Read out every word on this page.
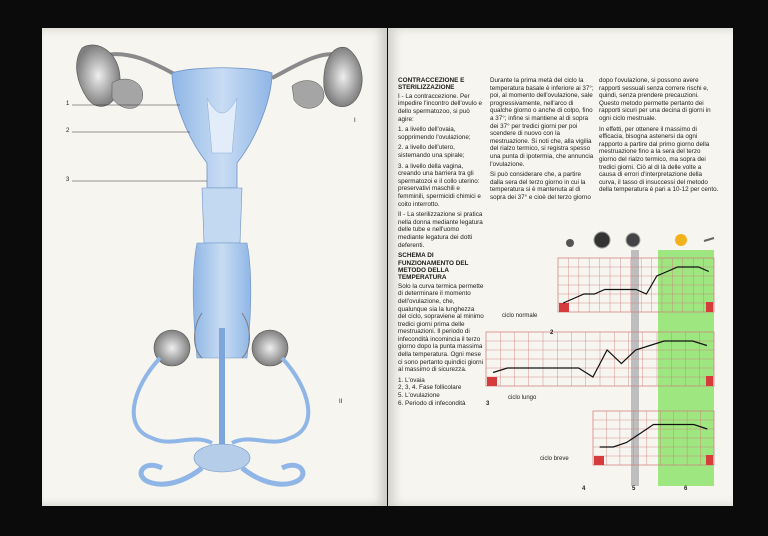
1
2
3
I
II
CONTRACCEZIONE E STERILIZZAZIONE

I - La contraccezione. Per impedire l'incontro dell'ovulo e dello spermatozoo, si può agire:

1. a livello dell'ovaia, sopprimendo l'ovulazione;

2. a livello dell'utero, sistemando una spirale;

3. a livello della vagina, creando una barriera tra gli spermatozoi e il collo uterino: preservativi maschili e femminili, spermicidi chimici e coito interrotto.

II - La sterilizzazione si pratica nella donna mediante legatura delle tube e nell'uomo mediante legatura dei dotti deferenti.

SCHEMA DI FUNZIONAMENTO DEL METODO DELLA TEMPERATURA

Solo la curva termica permette di determinare il momento dell'ovulazione, che, qualunque sia la lunghezza del ciclo, sopraviene al minimo tredici giorni prima delle mestruazioni. Il periodo di infecondità incomincia il terzo giorno dopo la punta massima della temperatura. Ogni mese ci sono pertanto quindici giorni al massimo di sicurezza.

1. L'ovaia

2, 3, 4. Fase follicolare

5. L'ovulazione

6. Periodo di infecondità

Durante la prima metà del ciclo la temperatura basale è inferiore ai 37°; poi, al momento dell'ovulazione, sale progressivamente, nell'arco di qualche giorno o anche di colpo, fino a 37°; infine si mantiene al di sopra dei 37° per tredici giorni per poi scendere di nuovo con la mestruazione. Si noti che, alla vigilia del rialzo termico, si registra spesso una punta di ipotermia, che annuncia l'ovulazione.

Si può considerare che, a partire dalla sera del terzo giorno in cui la temperatura si è mantenuta al di sopra dei 37° e cioè del terzo giorno

dopo l'ovulazione, si possono avere rapporti sessuali senza correre rischi e, quindi, senza prendere precauzioni. Questo metodo permette pertanto dei rapporti sicuri per una decina di giorni in ogni ciclo mestruale.

In effetti, per ottenere il massimo di efficacia, bisogna astenersi da ogni rapporto a partire dal primo giorno della mestruazione fino a la sera del terzo giorno del rialzo termico, ma sopra dei tredici giorni. Ciò al di là delle volte a causa di errori d'interpretazione della curva, il tasso di insuccessi del metodo della temperatura è pari a 10-12 per cento.

ciclo normale
ciclo lungo
ciclo breve
2
3
4	5	6
